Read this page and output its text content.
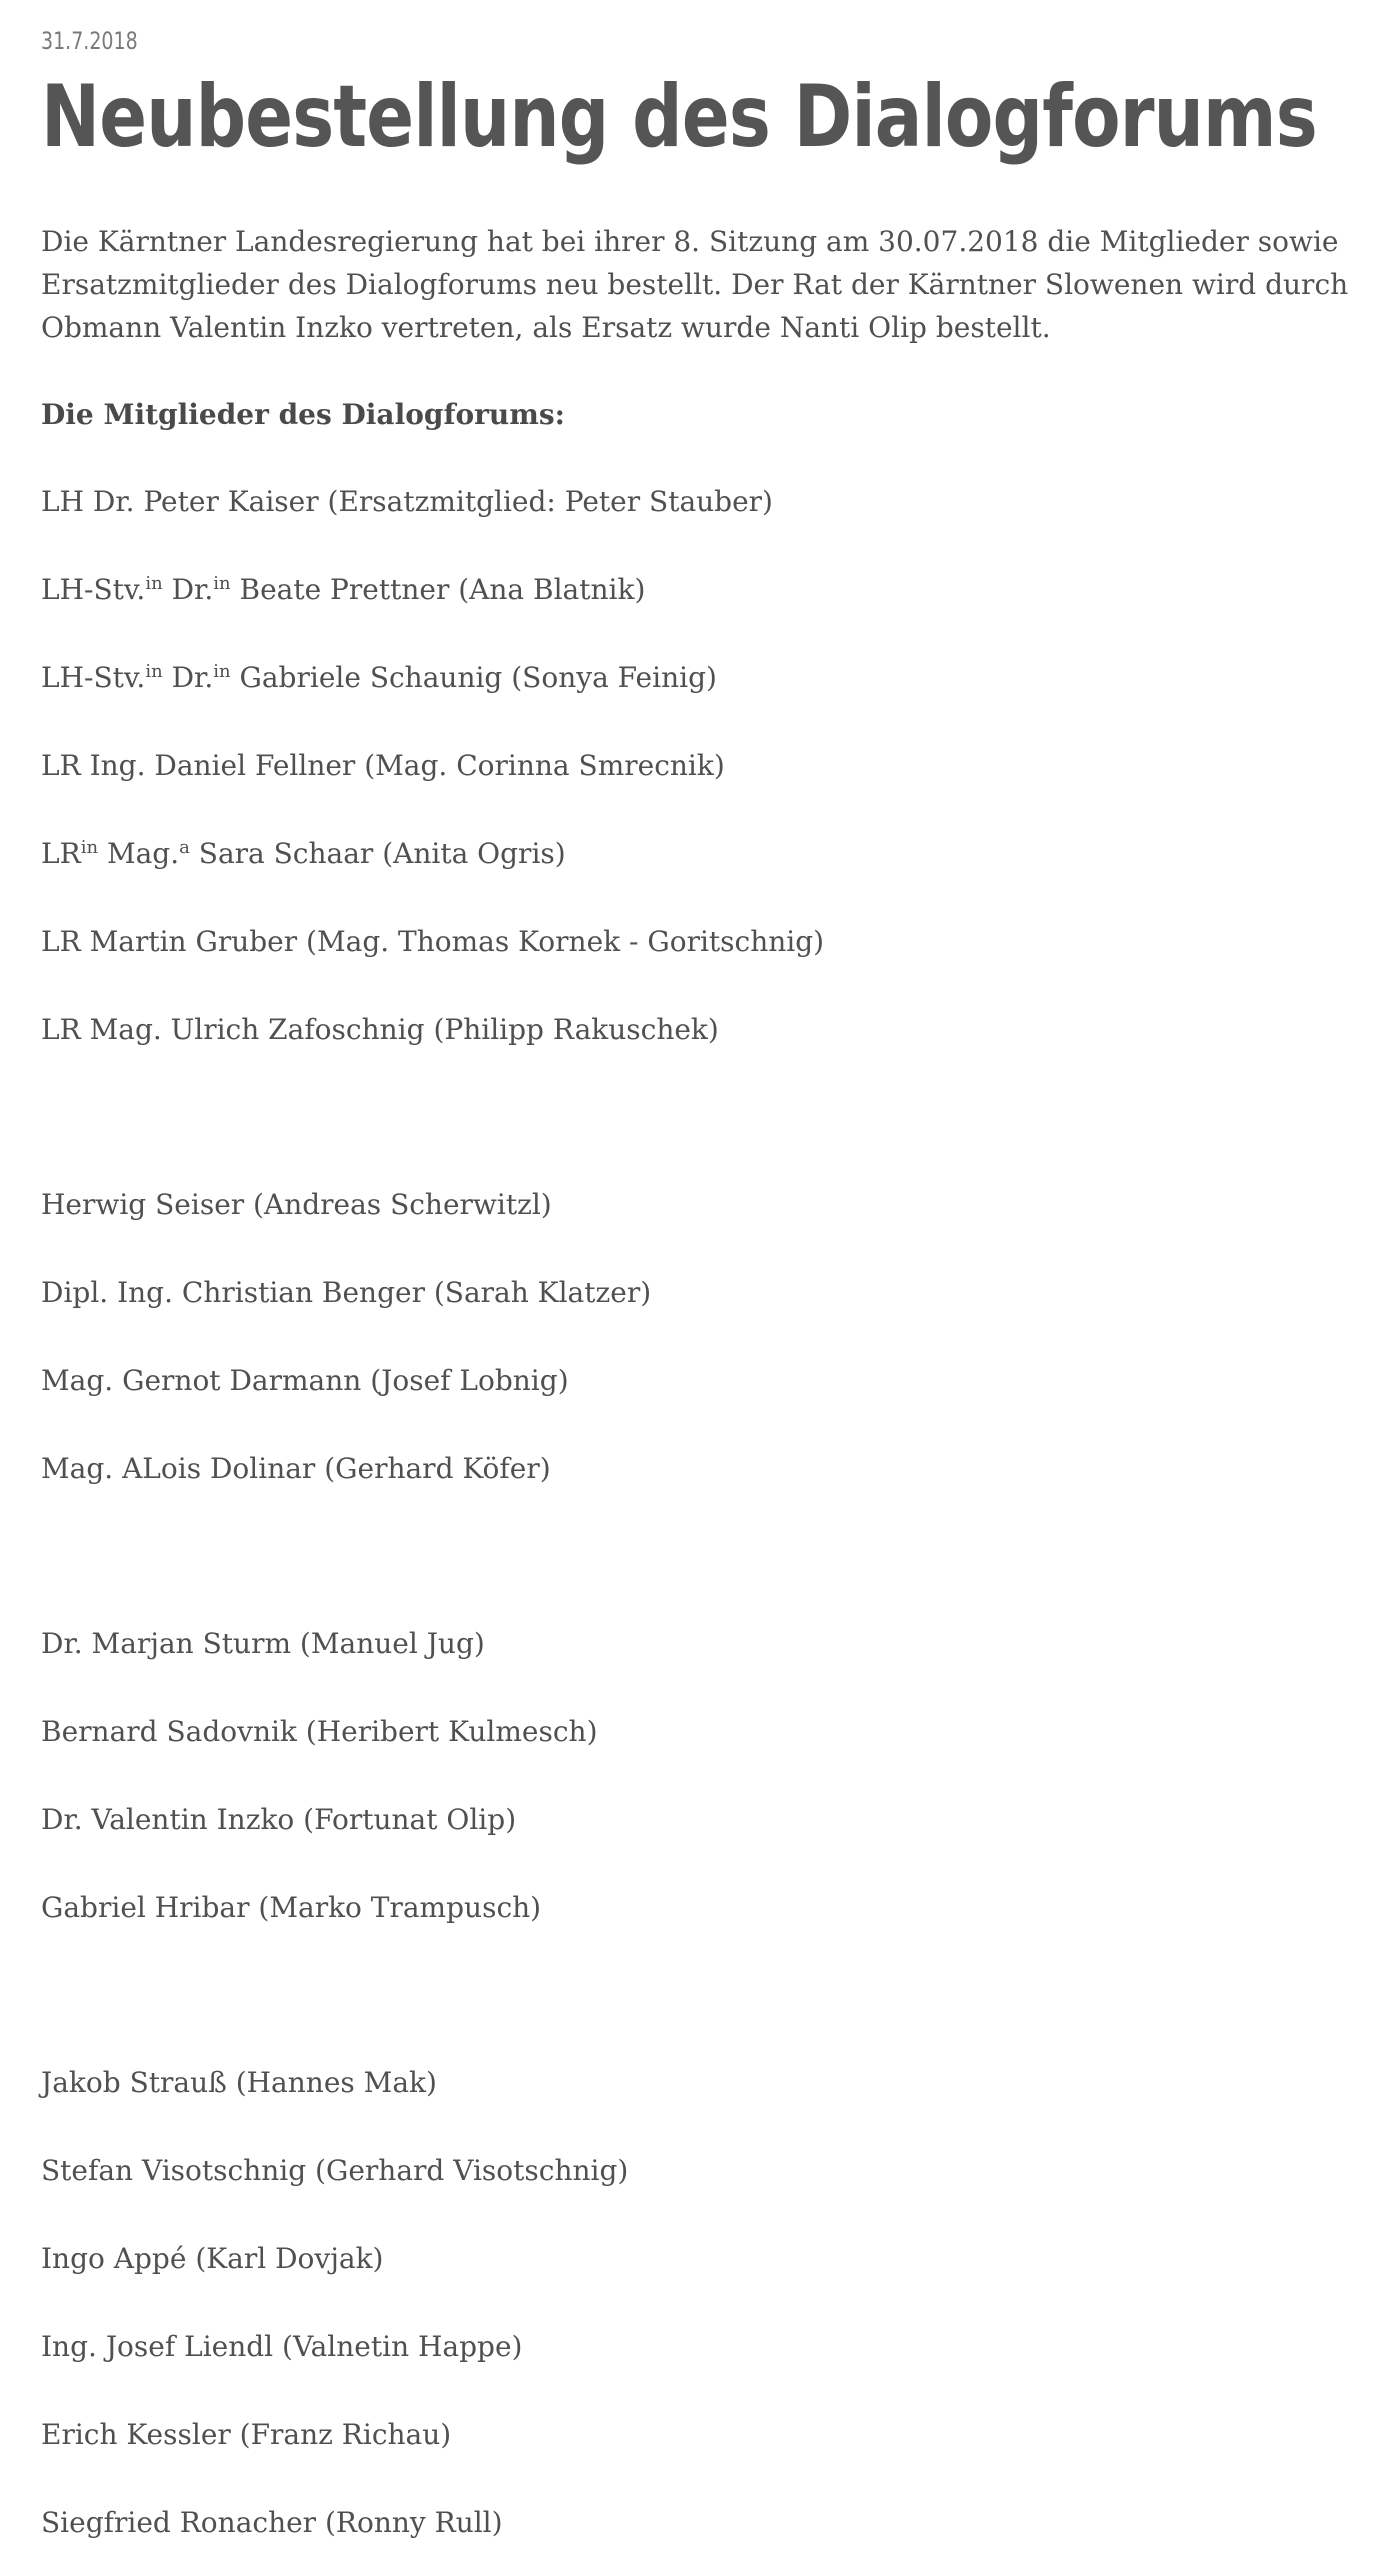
31.7.2018
Neubestellung des Dialogforums

Die Kärntner Landesregierung hat bei ihrer 8. Sitzung am 30.07.2018 die Mitglieder sowie Ersatzmitglieder des Dialogforums neu bestellt. Der Rat der Kärntner Slowenen wird durch Obmann Valentin Inzko vertreten, als Ersatz wurde Nanti Olip bestellt.

Die Mitglieder des Dialogforums:

LH Dr. Peter Kaiser (Ersatzmitglied: Peter Stauber)

LH-Stv.$^{in}$ Dr.$^{in}$ Beate Prettner (Ana Blatnik)

LH-Stv.$^{in}$ Dr.$^{in}$ Gabriele Schaunig (Sonya Feinig)

LR Ing. Daniel Fellner (Mag. Corinna Smrecnik)

$LR^{in}$ Mag.$^a$ Sara Schaar (Anita Ogris)

LR Martin Gruber (Mag. Thomas Kornek - Goritschnig)

LR Mag. Ulrich Zafoschnig (Philipp Rakuschek)

Herwig Seiser (Andreas Scherwitzl)

Dipl. Ing. Christian Benger (Sarah Klatzer)

Mag. Gernot Darmann (Josef Lobnig)

Mag. ALois Dolinar (Gerhard Köfer)

Dr. Marjan Sturm (Manuel Jug)

Bernard Sadovnik (Heribert Kulmesch)

Dr. Valentin Inzko (Fortunat Olip)

Gabriel Hribar (Marko Trampusch)

Jakob Strauß (Hannes Mak)

Stefan Visotschnig (Gerhard Visotschnig)

Ingo Appé (Karl Dovjak)

Ing. Josef Liendl (Valnetin Happe)

Erich Kessler (Franz Richau)

Siegfried Ronacher (Ronny Rull)
